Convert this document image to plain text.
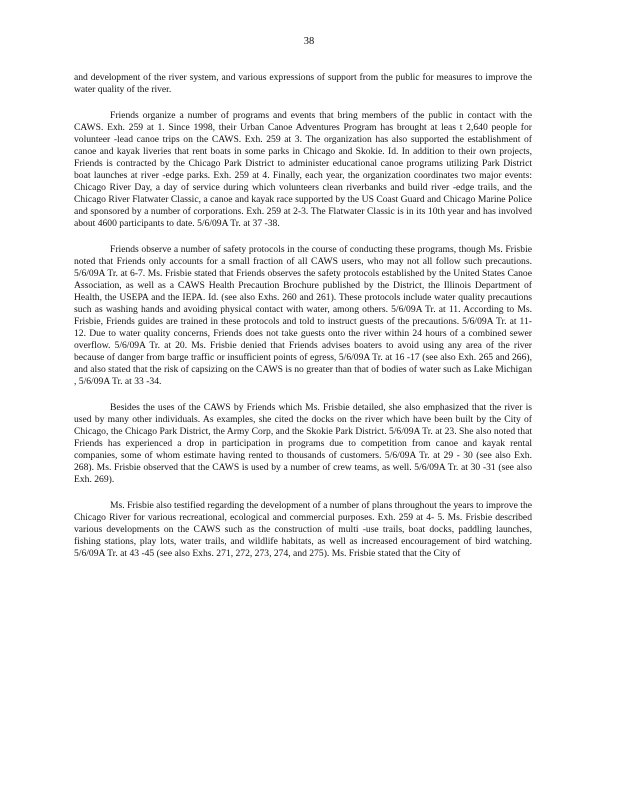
38

and development of the river system, and various expressions of support from the public for measures to improve the water quality of the river.

Friends organize a number of programs and events that bring members of the public in contact with the CAWS. Exh. 259 at 1. Since 1998, their Urban Canoe Adventures Program has brought at leas t 2,640 people for volunteer -lead canoe trips on the CAWS. Exh. 259 at 3. The organization has also supported the establishment of canoe and kayak liveries that rent boats in some parks in Chicago and Skokie. Id. In addition to their own projects, Friends is contracted by the Chicago Park District to administer educational canoe programs utilizing Park District boat launches at river -edge parks. Exh. 259 at 4. Finally, each year, the organization coordinates two major events: Chicago River Day, a day of service during which volunteers clean riverbanks and build river -edge trails, and the Chicago River Flatwater Classic, a canoe and kayak race supported by the US Coast Guard and Chicago Marine Police and sponsored by a number of corporations. Exh. 259 at 2-3. The Flatwater Classic is in its 10th year and has involved about 4600 participants to date. 5/6/09A Tr. at 37 -38.

Friends observe a number of safety protocols in the course of conducting these programs, though Ms. Frisbie noted that Friends only accounts for a small fraction of all CAWS users, who may not all follow such precautions. 5/6/09A Tr. at 6-7. Ms. Frisbie stated that Friends observes the safety protocols established by the United States Canoe Association, as well as a CAWS Health Precaution Brochure published by the District, the Illinois Department of Health, the USEPA and the IEPA. Id. (see also Exhs. 260 and 261). These protocols include water quality precautions such as washing hands and avoiding physical contact with water, among others. 5/6/09A Tr. at 11. According to Ms. Frisbie, Friends guides are trained in these protocols and told to instruct guests of the precautions. 5/6/09A Tr. at 11- 12. Due to water quality concerns, Friends does not take guests onto the river within 24 hours of a combined sewer overflow. 5/6/09A Tr. at 20. Ms. Frisbie denied that Friends advises boaters to avoid using any area of the river because of danger from barge traffic or insufficient points of egress, 5/6/09A Tr. at 16 -17 (see also Exh. 265 and 266), and also stated that the risk of capsizing on the CAWS is no greater than that of bodies of water such as Lake Michigan , 5/6/09A Tr. at 33 -34.

Besides the uses of the CAWS by Friends which Ms. Frisbie detailed, she also emphasized that the river is used by many other individuals. As examples, she cited the docks on the river which have been built by the City of Chicago, the Chicago Park District, the Army Corp, and the Skokie Park District. 5/6/09A Tr. at 23. She also noted that Friends has experienced a drop in participation in programs due to competition from canoe and kayak rental companies, some of whom estimate having rented to thousands of customers. 5/6/09A Tr. at 29 - 30 (see also Exh. 268). Ms. Frisbie observed that the CAWS is used by a number of crew teams, as well. 5/6/09A Tr. at 30 -31 (see also Exh. 269).

Ms. Frisbie also testified regarding the development of a number of plans throughout the years to improve the Chicago River for various recreational, ecological and commercial purposes. Exh. 259 at 4- 5. Ms. Frisbie described various developments on the CAWS such as the construction of multi -use trails, boat docks, paddling launches, fishing stations, play lots, water trails, and wildlife habitats, as well as increased encouragement of bird watching. 5/6/09A Tr. at 43 -45 (see also Exhs. 271, 272, 273, 274, and 275). Ms. Frisbie stated that the City of
